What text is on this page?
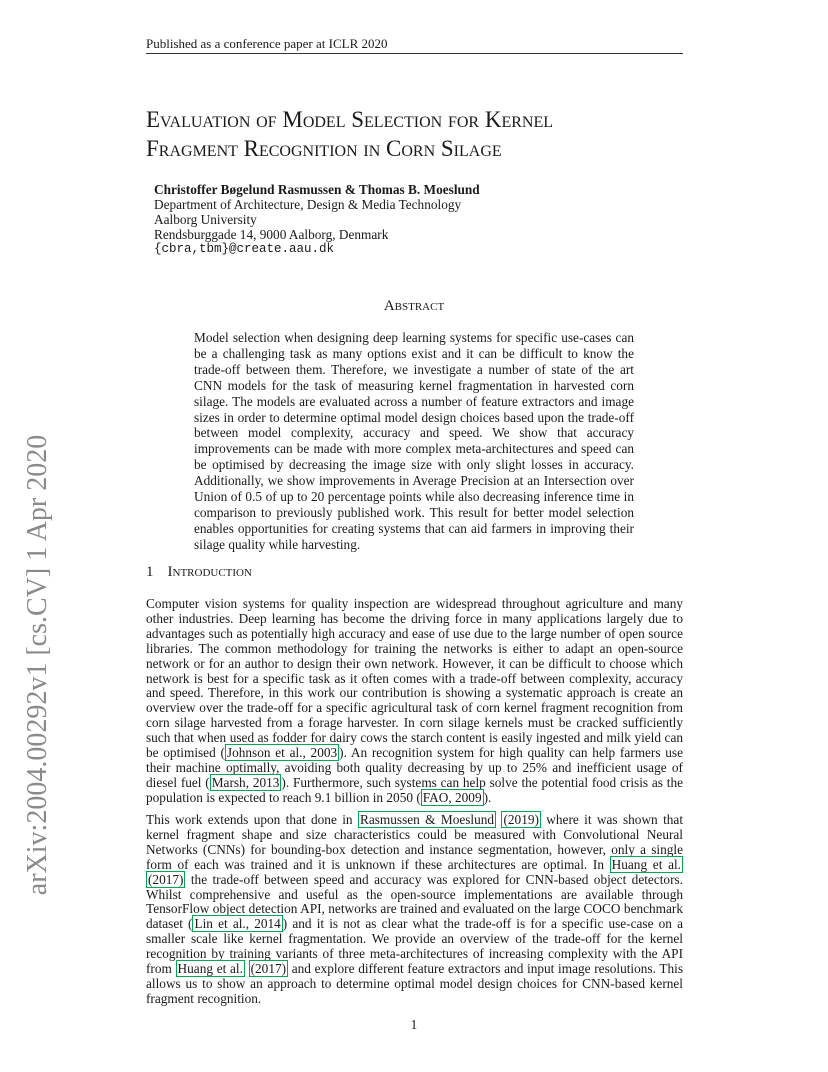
Published as a conference paper at ICLR 2020
arXiv:2004.00292v1 [cs.CV] 1 Apr 2020
Evaluation of Model Selection for Kernel
Fragment Recognition in Corn Silage
Christoffer Bøgelund Rasmussen & Thomas B. Moeslund
Department of Architecture, Design & Media Technology
Aalborg University
Rendsburggade 14, 9000 Aalborg, Denmark
{cbra,tbm}@create.aau.dk
Abstract
Model selection when designing deep learning systems for specific use-cases can be a challenging task as many options exist and it can be difficult to know the trade-off between them. Therefore, we investigate a number of state of the art CNN models for the task of measuring kernel fragmentation in harvested corn silage. The models are evaluated across a number of feature extractors and image sizes in order to determine optimal model design choices based upon the trade-off between model complexity, accuracy and speed. We show that accuracy improvements can be made with more complex meta-architectures and speed can be optimised by decreasing the image size with only slight losses in accuracy. Additionally, we show improvements in Average Precision at an Intersection over Union of 0.5 of up to 20 percentage points while also decreasing inference time in comparison to previously published work. This result for better model selection enables opportunities for creating systems that can aid farmers in improving their silage quality while harvesting.
1 Introduction
Computer vision systems for quality inspection are widespread throughout agriculture and many other industries. Deep learning has become the driving force in many applications largely due to advantages such as potentially high accuracy and ease of use due to the large number of open source libraries. The common methodology for training the networks is either to adapt an open-source network or for an author to design their own network. However, it can be difficult to choose which network is best for a specific task as it often comes with a trade-off between complexity, accuracy and speed. Therefore, in this work our contribution is showing a systematic approach is create an overview over the trade-off for a specific agricultural task of corn kernel fragment recognition from corn silage harvested from a forage harvester. In corn silage kernels must be cracked sufficiently such that when used as fodder for dairy cows the starch content is easily ingested and milk yield can be optimised ( Johnson et al., 2003 ). An recognition system for high quality can help farmers use their machine optimally, avoiding both quality decreasing by up to 25% and inefficient usage of diesel fuel ( Marsh, 2013 ). Furthermore, such systems can help solve the potential food crisis as the population is expected to reach 9.1 billion in 2050 ( FAO, 2009 ).
This work extends upon that done in Rasmussen & Moeslund (2019) where it was shown that kernel fragment shape and size characteristics could be measured with Convolutional Neural Networks (CNNs) for bounding-box detection and instance segmentation, however, only a single form of each was trained and it is unknown if these architectures are optimal. In Huang et al. (2017) the trade-off between speed and accuracy was explored for CNN-based object detectors. Whilst comprehensive and useful as the open-source implementations are available through TensorFlow object detection API, networks are trained and evaluated on the large COCO benchmark dataset ( Lin et al., 2014 ) and it is not as clear what the trade-off is for a specific use-case on a smaller scale like kernel fragmentation. We provide an overview of the trade-off for the kernel recognition by training variants of three meta-architectures of increasing complexity with the API from Huang et al. (2017) and explore different feature extractors and input image resolutions. This allows us to show an approach to determine optimal model design choices for CNN-based kernel fragment recognition.
1
